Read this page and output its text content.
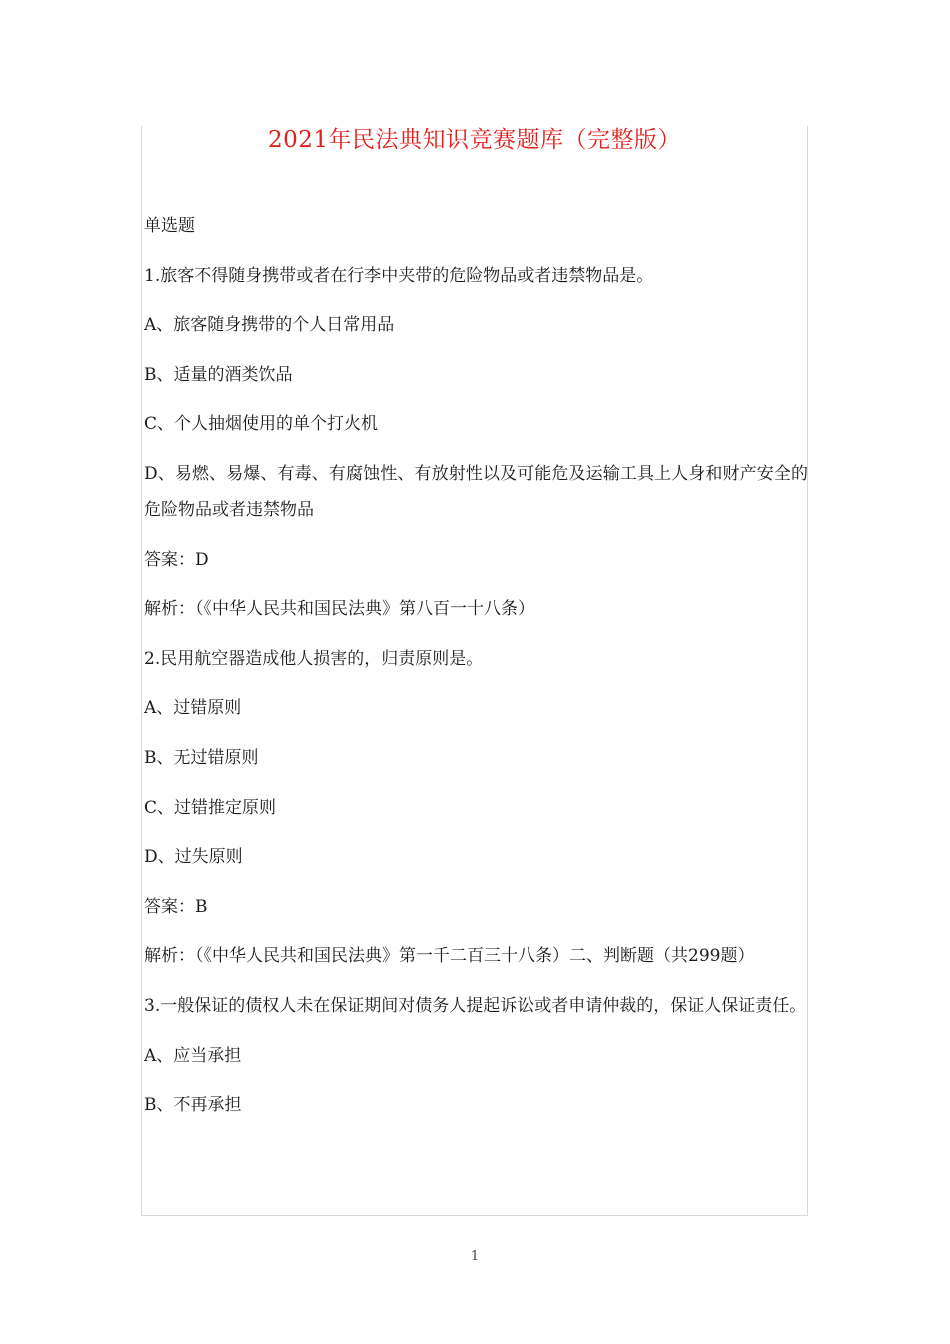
2021年民法典知识竞赛题库（完整版）

单选题

1.旅客不得随身携带或者在行李中夹带的危险物品或者违禁物品是。

A、旅客随身携带的个人日常用品

B、适量的酒类饮品

C、个人抽烟使用的单个打火机

D、易燃、易爆、有毒、有腐蚀性、有放射性以及可能危及运输工具上人身和财产安全的危险物品或者违禁物品

答案：D

解析：（《中华人民共和国民法典》第八百一十八条）

2.民用航空器造成他人损害的，归责原则是。

A、过错原则

B、无过错原则

C、过错推定原则

D、过失原则

答案：B

解析：（《中华人民共和国民法典》第一千二百三十八条）二、判断题（共299题）

3.一般保证的债权人未在保证期间对债务人提起诉讼或者申请仲裁的，保证人保证责任。

A、应当承担

B、不再承担

1
